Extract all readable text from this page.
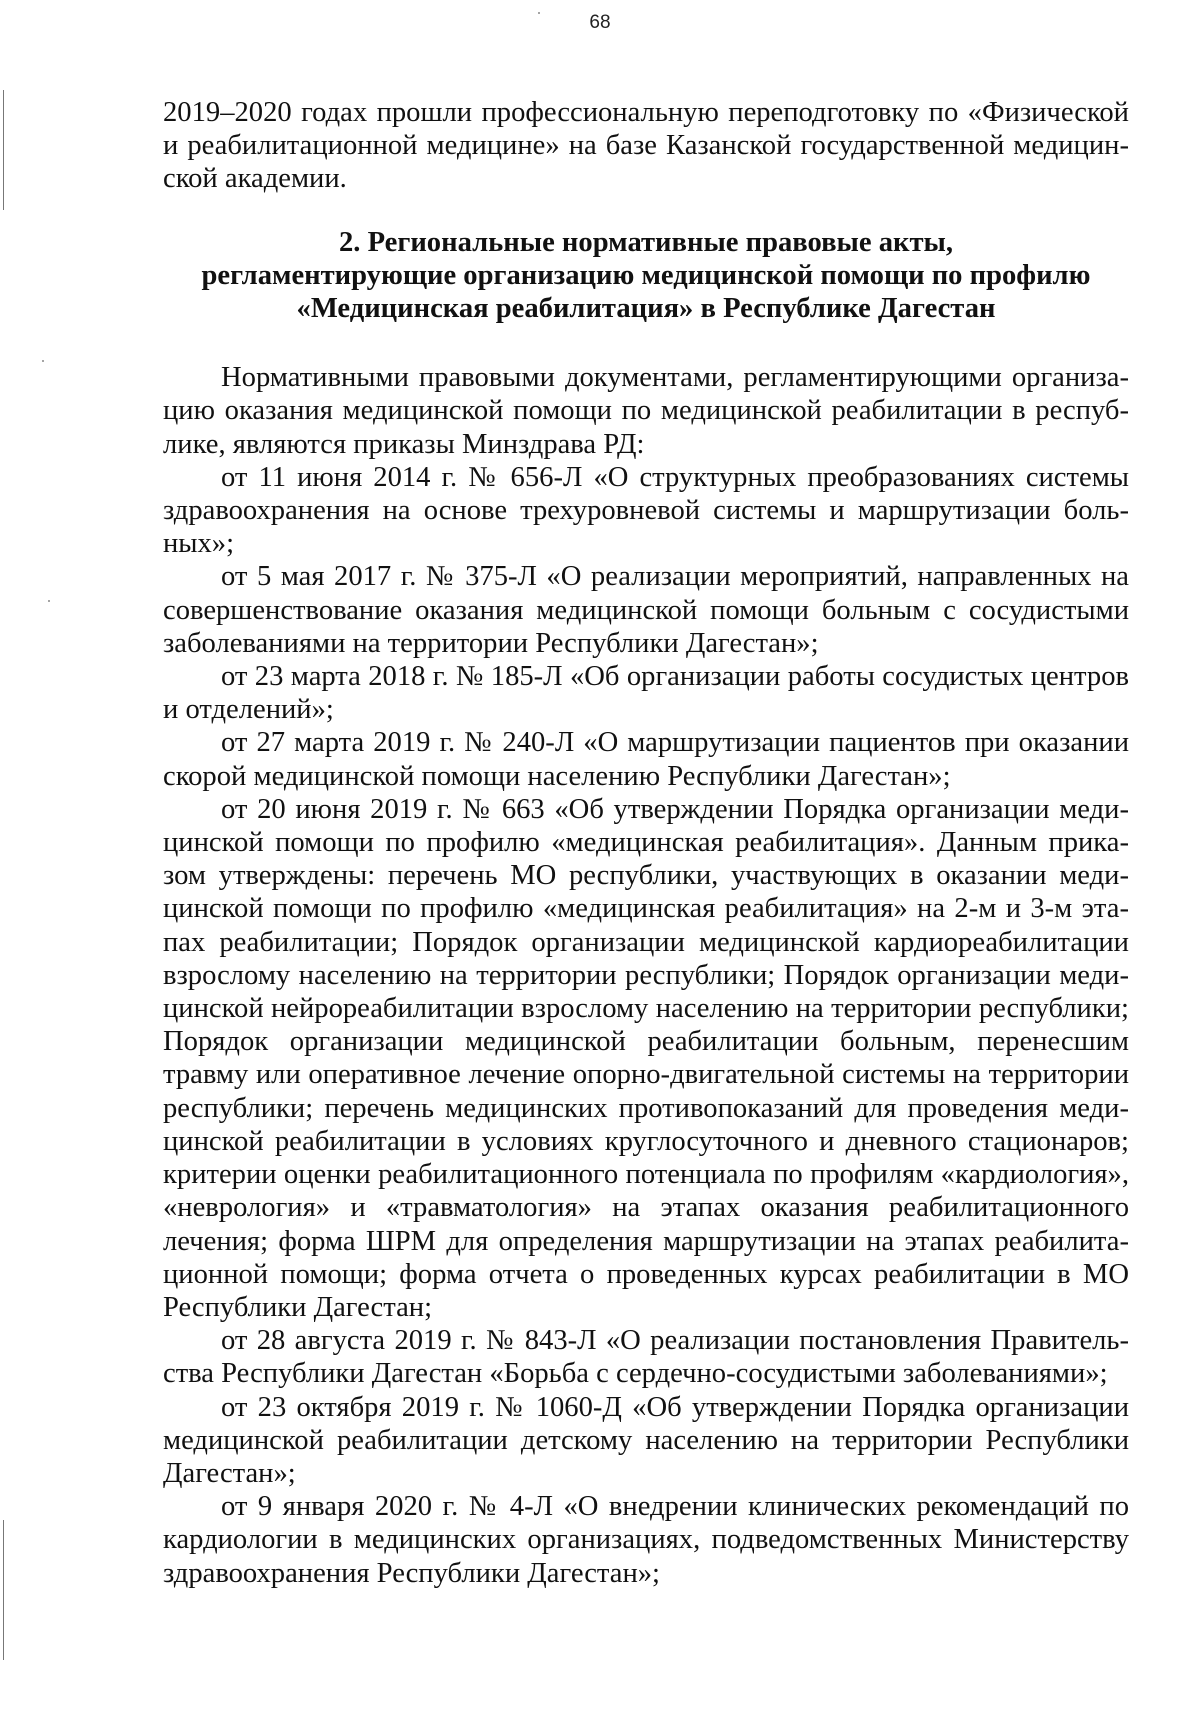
68

2019–2020 годах прошли профессиональную переподготовку по «Физической и реабилитационной медицине» на базе Казанской государственной медицинской академии.

2. Региональные нормативные правовые акты,
регламентирующие организацию медицинской помощи по профилю
«Медицинская реабилитация» в Республике Дагестан

Нормативными правовыми документами, регламентирующими организацию оказания медицинской помощи по медицинской реабилитации в республике, являются приказы Минздрава РД:

от 11 июня 2014 г. № 656-Л «О структурных преобразованиях системы здравоохранения на основе трехуровневой системы и маршрутизации больных»;

от 5 мая 2017 г. № 375-Л «О реализации мероприятий, направленных на совершенствование оказания медицинской помощи больным с сосудистыми заболеваниями на территории Республики Дагестан»;

от 23 марта 2018 г. № 185-Л «Об организации работы сосудистых центров и отделений»;

от 27 марта 2019 г. № 240-Л «О маршрутизации пациентов при оказании скорой медицинской помощи населению Республики Дагестан»;

от 20 июня 2019 г. № 663 «Об утверждении Порядка организации медицинской помощи по профилю «медицинская реабилитация». Данным приказом утверждены: перечень МО республики, участвующих в оказании медицинской помощи по профилю «медицинская реабилитация» на 2-м и 3-м этапах реабилитации; Порядок организации медицинской кардиореабилитации взрослому населению на территории республики; Порядок организации медицинской нейрореабилитации взрослому населению на территории республики; Порядок организации медицинской реабилитации больным, перенесшим травму или оперативное лечение опорно-двигательной системы на территории республики; перечень медицинских противопоказаний для проведения медицинской реабилитации в условиях круглосуточного и дневного стационаров; критерии оценки реабилитационного потенциала по профилям «кардиология», «неврология» и «травматология» на этапах оказания реабилитационного лечения; форма ШРМ для определения маршрутизации на этапах реабилитационной помощи; форма отчета о проведенных курсах реабилитации в МО Республики Дагестан;

от 28 августа 2019 г. № 843-Л «О реализации постановления Правительства Республики Дагестан «Борьба с сердечно-сосудистыми заболеваниями»;

от 23 октября 2019 г. № 1060-Д «Об утверждении Порядка организации медицинской реабилитации детскому населению на территории Республики Дагестан»;

от 9 января 2020 г. № 4-Л «О внедрении клинических рекомендаций по кардиологии в медицинских организациях, подведомственных Министерству здравоохранения Республики Дагестан»;
